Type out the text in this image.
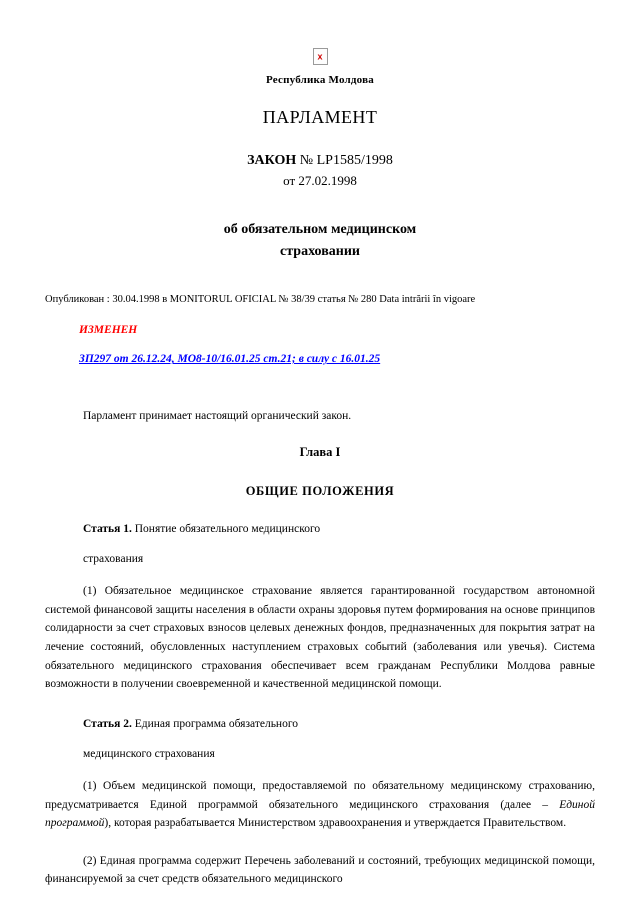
x
Республика Молдова
ПАРЛАМЕНТ
ЗАКОН № LP1585/1998
от 27.02.1998
об обязательном медицинском
страховании
Опубликован : 30.04.1998 в MONITORUL OFICIAL № 38/39 статья № 280 Data intrării în vigoare
ИЗМЕНЕН
ЗП297 от 26.12.24, МО8-10/16.01.25 ст.21; в силу с 16.01.25
Парламент принимает настоящий органический закон.
Глава I
ОБЩИЕ ПОЛОЖЕНИЯ
Статья 1. Понятие обязательного медицинского
страхования
(1) Обязательное медицинское страхование является гарантированной государством автономной системой финансовой защиты населения в области охраны здоровья путем формирования на основе принципов солидарности за счет страховых взносов целевых денежных фондов, предназначенных для покрытия затрат на лечение состояний, обусловленных наступлением страховых событий (заболевания или увечья). Система обязательного медицинского страхования обеспечивает всем гражданам Республики Молдова равные возможности в получении своевременной и качественной медицинской помощи.
Статья 2. Единая программа обязательного
медицинского страхования
(1) Объем медицинской помощи, предоставляемой по обязательному медицинскому страхованию, предусматривается Единой программой обязательного медицинского страхования (далее – Единой программой), которая разрабатывается Министерством здравоохранения и утверждается Правительством.
(2) Единая программа содержит Перечень заболеваний и состояний, требующих медицинской помощи, финансируемой за счет средств обязательного медицинского
